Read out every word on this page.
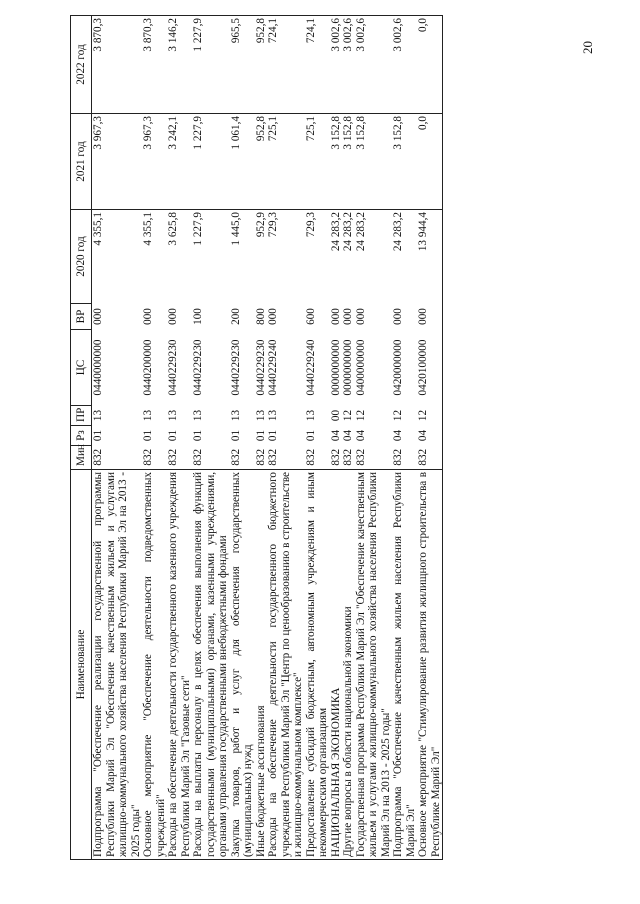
20
Наименование	Мин	Рз	ПР	ЦС	ВР	2020 год	2021 год	2022 год
Подпрограмма "Обеспечение реализации государственной программы Республики Марий Эл "Обеспечение качественным жильем и услугами жилищно-коммунального хозяйства населения Республики Марий Эл на 2013 - 2025 годы"	832	01	13	0440000000	000	4 355,1	3 967,3	3 870,3
Основное мероприятие "Обеспечение деятельности подведомственных учреждений"	832	01	13	0440200000	000	4 355,1	3 967,3	3 870,3
Расходы на обеспечение деятельности государственного казенного учреждения Республики Марий Эл "Газовые сети"	832	01	13	0440229230	000	3 625,8	3 242,1	3 146,2
Расходы на выплаты персоналу в целях обеспечения выполнения функций государственными (муниципальными) органами, казенными учреждениями, органами управления государственными внебюджетными фондами	832	01	13	0440229230	100	1 227,9	1 227,9	1 227,9
Закупка товаров, работ и услуг для обеспечения государственных (муниципальных) нужд	832	01	13	0440229230	200	1 445,0	1 061,4	965,5
Иные бюджетные ассигнования	832	01	13	0440229230	800	952,9	952,8	952,8
Расходы на обеспечение деятельности государственного бюджетного учреждения Республики Марий Эл "Центр по ценообразованию в строительстве и жилищно-коммунальном комплексе"	832	01	13	0440229240	000	729,3	725,1	724,1
Предоставление субсидий бюджетным, автономным учреждениям и иным некоммерческим организациям	832	01	13	0440229240	600	729,3	725,1	724,1
НАЦИОНАЛЬНАЯ ЭКОНОМИКА	832	04	00	0000000000	000	24 283,2	3 152,8	3 002,6
Другие вопросы в области национальной экономики	832	04	12	0000000000	000	24 283,2	3 152,8	3 002,6
Государственная программа Республики Марий Эл "Обеспечение качественным жильем и услугами жилищно-коммунального хозяйства населения Республики Марий Эл на 2013 - 2025 годы"	832	04	12	0400000000	000	24 283,2	3 152,8	3 002,6
Подпрограмма "Обеспечение качественным жильем населения Республики Марий Эл"	832	04	12	0420000000	000	24 283,2	3 152,8	3 002,6
Основное мероприятие "Стимулирование развития жилищного строительства в Республике Марий Эл"	832	04	12	0420100000	000	13 944,4	0,0	0,0
